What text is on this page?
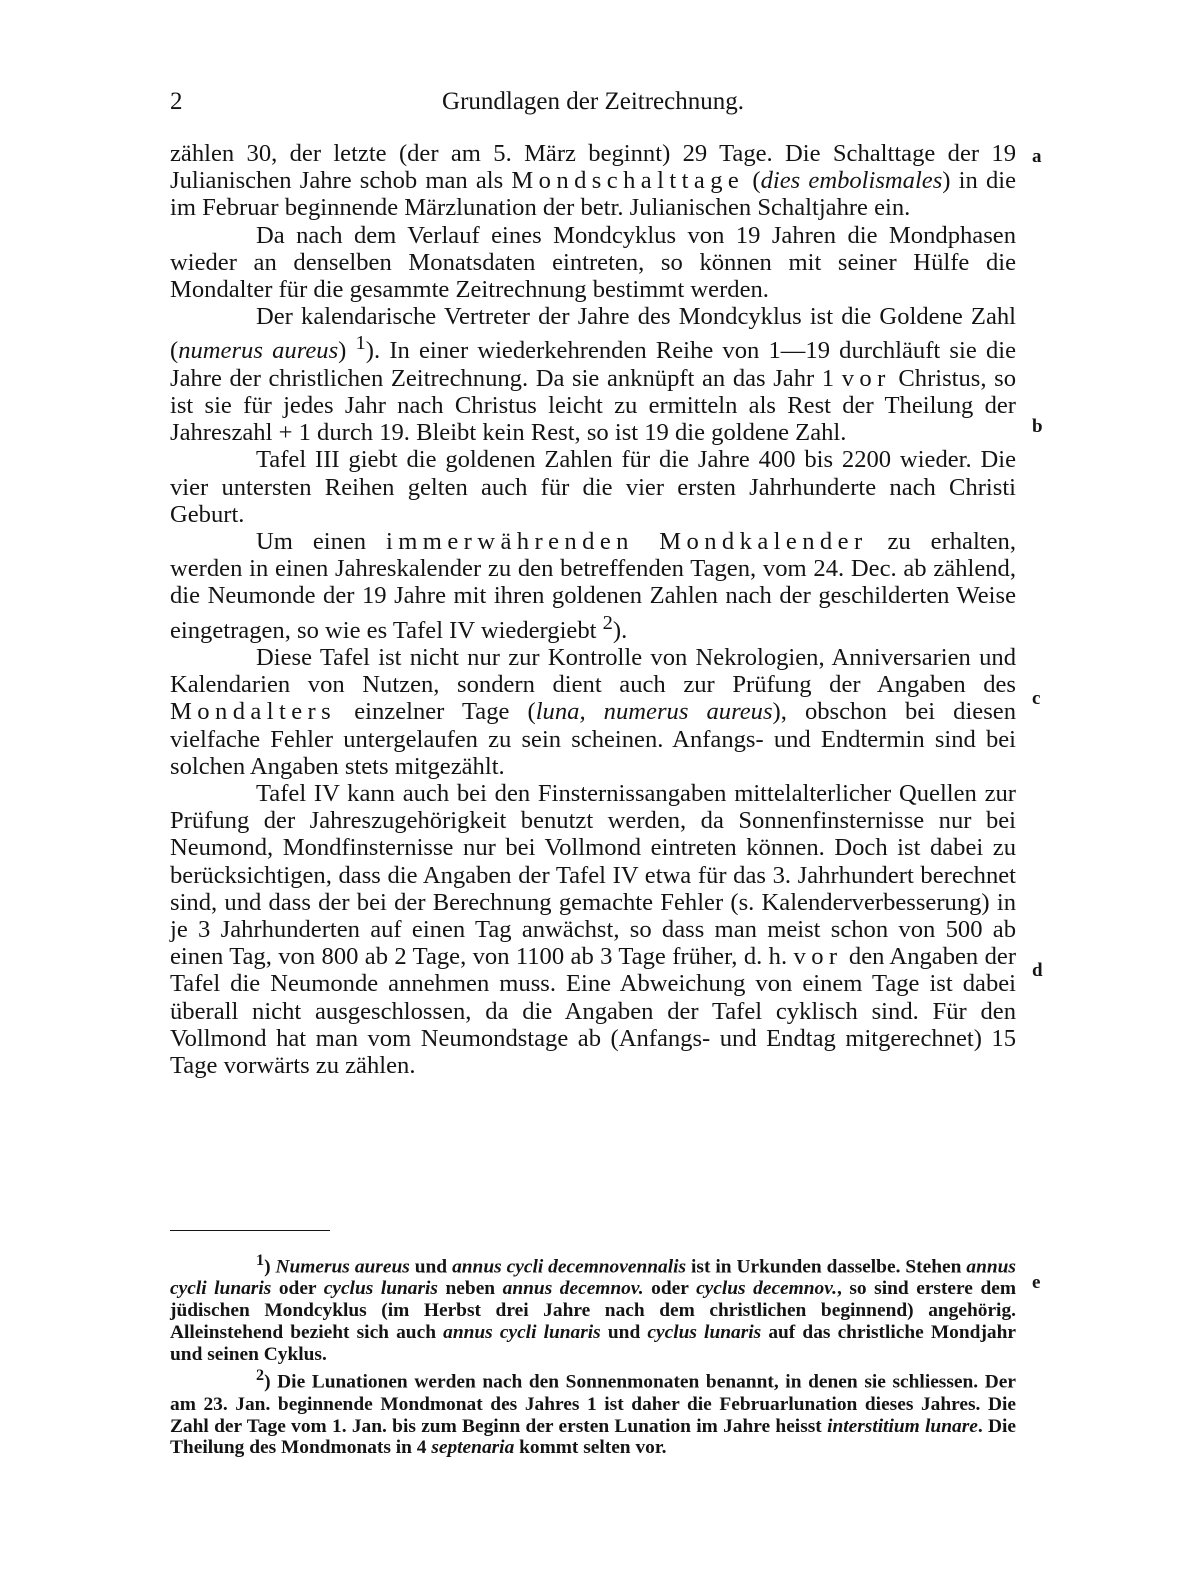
2	Grundlagen der Zeitrechnung.
a
b
c
d
e

zählen 30, der letzte (der am 5. März beginnt) 29 Tage. Die Schalttage der 19 Julianischen Jahre schob man als Mondschalttage (dies embolismales) in die im Februar beginnende Märzlunation der betr. Julianischen Schaltjahre ein.

Da nach dem Verlauf eines Mondcyklus von 19 Jahren die Mondphasen wieder an denselben Monatsdaten eintreten, so können mit seiner Hülfe die Mondalter für die gesammte Zeitrechnung bestimmt werden.

Der kalendarische Vertreter der Jahre des Mondcyklus ist die Goldene Zahl (numerus aureus) $^1$). In einer wiederkehrenden Reihe von 1—19 durchläuft sie die Jahre der christlichen Zeitrechnung. Da sie anknüpft an das Jahr 1 vor Christus, so ist sie für jedes Jahr nach Christus leicht zu ermitteln als Rest der Theilung der Jahreszahl + 1 durch 19. Bleibt kein Rest, so ist 19 die goldene Zahl.

Tafel III giebt die goldenen Zahlen für die Jahre 400 bis 2200 wieder. Die vier untersten Reihen gelten auch für die vier ersten Jahrhunderte nach Christi Geburt.

Um einen immerwährenden Mondkalender zu erhalten, werden in einen Jahreskalender zu den betreffenden Tagen, vom 24. Dec. ab zählend, die Neumonde der 19 Jahre mit ihren goldenen Zahlen nach der geschilderten Weise eingetragen, so wie es Tafel IV wiedergiebt $^2$).

Diese Tafel ist nicht nur zur Kontrolle von Nekrologien, Anniversarien und Kalendarien von Nutzen, sondern dient auch zur Prüfung der Angaben des Mondalters einzelner Tage (luna, numerus aureus), obschon bei diesen vielfache Fehler untergelaufen zu sein scheinen. Anfangs- und Endtermin sind bei solchen Angaben stets mitgezählt.

Tafel IV kann auch bei den Finsternissangaben mittelalterlicher Quellen zur Prüfung der Jahreszugehörigkeit benutzt werden, da Sonnenfinsternisse nur bei Neumond, Mondfinsternisse nur bei Vollmond eintreten können. Doch ist dabei zu berücksichtigen, dass die Angaben der Tafel IV etwa für das 3. Jahrhundert berechnet sind, und dass der bei der Berechnung gemachte Fehler (s. Kalenderverbesserung) in je 3 Jahrhunderten auf einen Tag anwächst, so dass man meist schon von 500 ab einen Tag, von 800 ab 2 Tage, von 1100 ab 3 Tage früher, d. h. vor den Angaben der Tafel die Neumonde annehmen muss. Eine Abweichung von einem Tage ist dabei überall nicht ausgeschlossen, da die Angaben der Tafel cyklisch sind. Für den Vollmond hat man vom Neumondstage ab (Anfangs- und Endtag mitgerechnet) 15 Tage vorwärts zu zählen.

$^1$) Numerus aureus und annus cycli decemnovennalis ist in Urkunden dasselbe. Stehen annus cycli lunaris oder cyclus lunaris neben annus decemnov. oder cyclus decemnov., so sind erstere dem jüdischen Mondcyklus (im Herbst drei Jahre nach dem christlichen beginnend) angehörig. Alleinstehend bezieht sich auch annus cycli lunaris und cyclus lunaris auf das christliche Mondjahr und seinen Cyklus.

$^2$) Die Lunationen werden nach den Sonnenmonaten benannt, in denen sie schliessen. Der am 23. Jan. beginnende Mondmonat des Jahres 1 ist daher die Februarlunation dieses Jahres. Die Zahl der Tage vom 1. Jan. bis zum Beginn der ersten Lunation im Jahre heisst interstitium lunare. Die Theilung des Mondmonats in 4 septenaria kommt selten vor.
